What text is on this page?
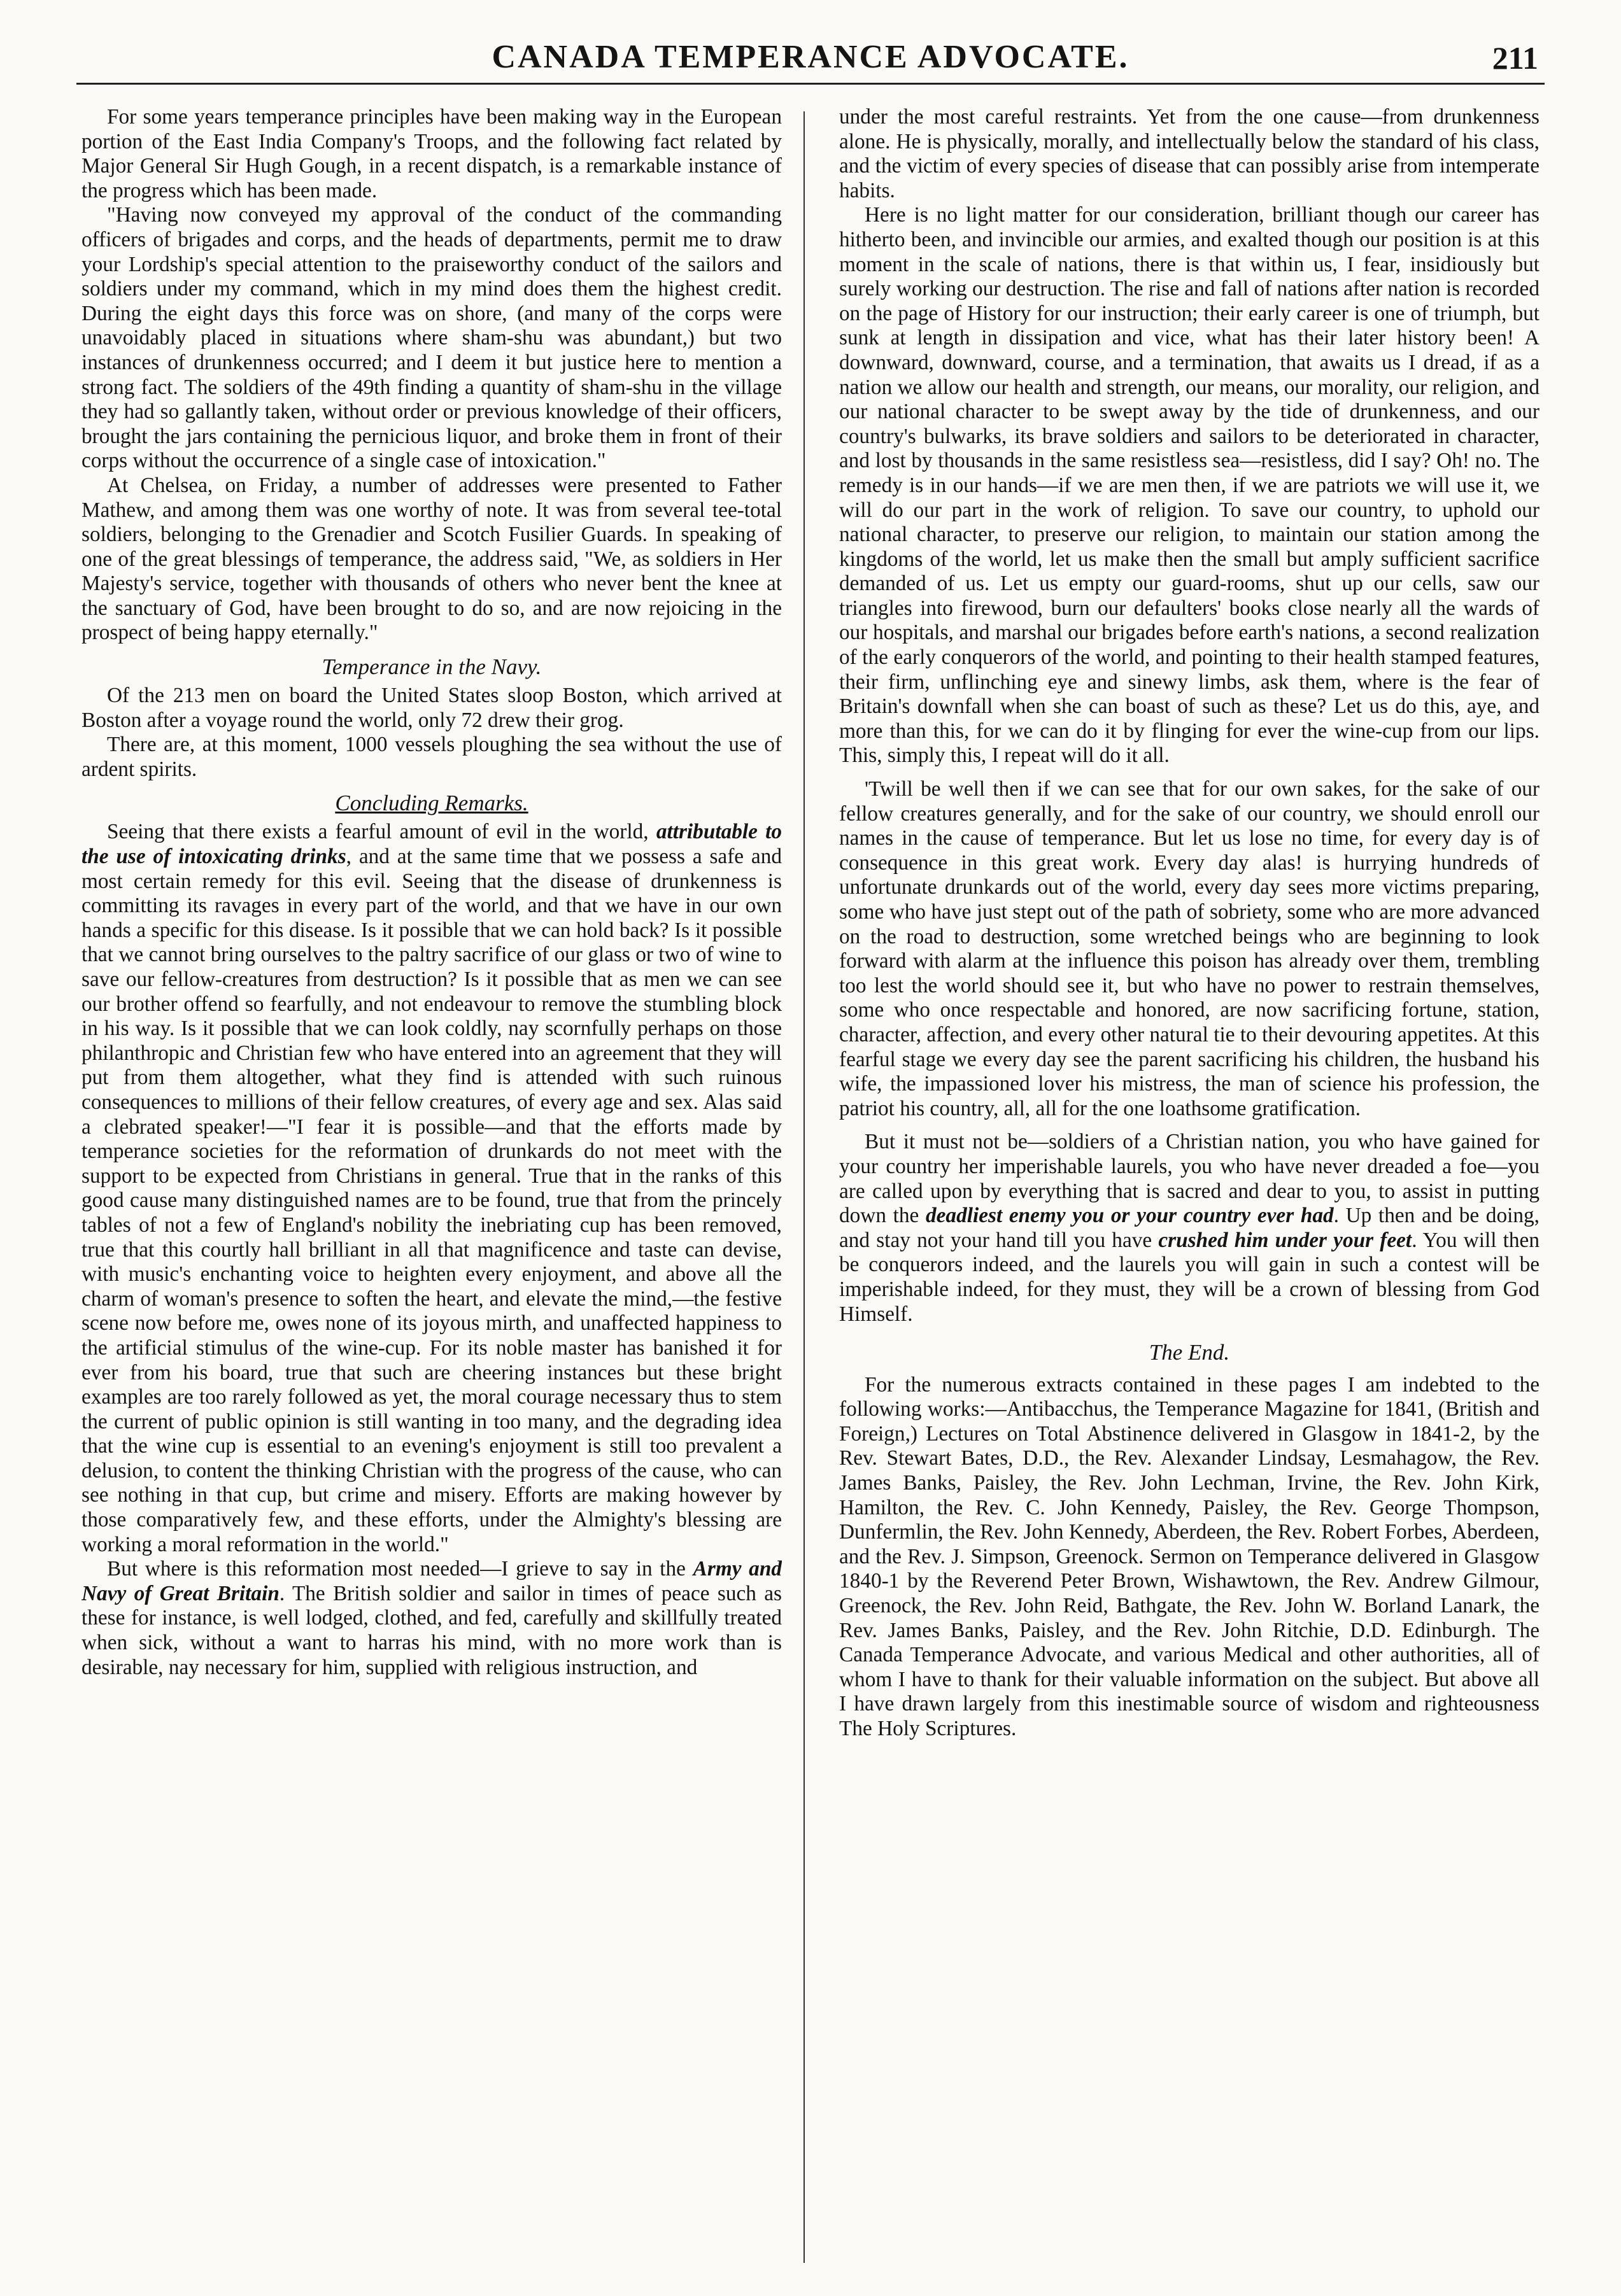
CANADA TEMPERANCE ADVOCATE.	211

For some years temperance principles have been making way in the European portion of the East India Company's Troops, and the following fact related by Major General Sir Hugh Gough, in a recent dispatch, is a remarkable instance of the progress which has been made.

"Having now conveyed my approval of the conduct of the commanding officers of brigades and corps, and the heads of departments, permit me to draw your Lordship's special attention to the praiseworthy conduct of the sailors and soldiers under my command, which in my mind does them the highest credit. During the eight days this force was on shore, (and many of the corps were unavoidably placed in situations where sham-shu was abundant,) but two instances of drunkenness occurred; and I deem it but justice here to mention a strong fact. The soldiers of the 49th finding a quantity of sham-shu in the village they had so gallantly taken, without order or previous knowledge of their officers, brought the jars containing the pernicious liquor, and broke them in front of their corps without the occurrence of a single case of intoxication."

At Chelsea, on Friday, a number of addresses were presented to Father Mathew, and among them was one worthy of note. It was from several tee-total soldiers, belonging to the Grenadier and Scotch Fusilier Guards. In speaking of one of the great blessings of temperance, the address said, "We, as soldiers in Her Majesty's service, together with thousands of others who never bent the knee at the sanctuary of God, have been brought to do so, and are now rejoicing in the prospect of being happy eternally."

Temperance in the Navy.

Of the 213 men on board the United States sloop Boston, which arrived at Boston after a voyage round the world, only 72 drew their grog.

There are, at this moment, 1000 vessels ploughing the sea without the use of ardent spirits.

Concluding Remarks.

Seeing that there exists a fearful amount of evil in the world, attributable to the use of intoxicating drinks, and at the same time that we possess a safe and most certain remedy for this evil. Seeing that the disease of drunkenness is committing its ravages in every part of the world, and that we have in our own hands a specific for this disease. Is it possible that we can hold back? Is it possible that we cannot bring ourselves to the paltry sacrifice of our glass or two of wine to save our fellow-creatures from destruction? Is it possible that as men we can see our brother offend so fearfully, and not endeavour to remove the stumbling block in his way. Is it possible that we can look coldly, nay scornfully perhaps on those philanthropic and Christian few who have entered into an agreement that they will put from them altogether, what they find is attended with such ruinous consequences to millions of their fellow creatures, of every age and sex. Alas said a clebrated speaker!—"I fear it is possible—and that the efforts made by temperance societies for the reformation of drunkards do not meet with the support to be expected from Christians in general. True that in the ranks of this good cause many distinguished names are to be found, true that from the princely tables of not a few of England's nobility the inebriating cup has been removed, true that this courtly hall brilliant in all that magnificence and taste can devise, with music's enchanting voice to heighten every enjoyment, and above all the charm of woman's presence to soften the heart, and elevate the mind,—the festive scene now before me, owes none of its joyous mirth, and unaffected happiness to the artificial stimulus of the wine-cup. For its noble master has banished it for ever from his board, true that such are cheering instances but these bright examples are too rarely followed as yet, the moral courage necessary thus to stem the current of public opinion is still wanting in too many, and the degrading idea that the wine cup is essential to an evening's enjoyment is still too prevalent a delusion, to content the thinking Christian with the progress of the cause, who can see nothing in that cup, but crime and misery. Efforts are making however by those comparatively few, and these efforts, under the Almighty's blessing are working a moral reformation in the world."

But where is this reformation most needed—I grieve to say in the Army and Navy of Great Britain. The British soldier and sailor in times of peace such as these for instance, is well lodged, clothed, and fed, carefully and skillfully treated when sick, without a want to harras his mind, with no more work than is desirable, nay necessary for him, supplied with religious instruction, and

under the most careful restraints. Yet from the one cause—from drunkenness alone. He is physically, morally, and intellectually below the standard of his class, and the victim of every species of disease that can possibly arise from intemperate habits.

Here is no light matter for our consideration, brilliant though our career has hitherto been, and invincible our armies, and exalted though our position is at this moment in the scale of nations, there is that within us, I fear, insidiously but surely working our destruction. The rise and fall of nations after nation is recorded on the page of History for our instruction; their early career is one of triumph, but sunk at length in dissipation and vice, what has their later history been! A downward, downward, course, and a termination, that awaits us I dread, if as a nation we allow our health and strength, our means, our morality, our religion, and our national character to be swept away by the tide of drunkenness, and our country's bulwarks, its brave soldiers and sailors to be deteriorated in character, and lost by thousands in the same resistless sea—resistless, did I say? Oh! no. The remedy is in our hands—if we are men then, if we are patriots we will use it, we will do our part in the work of religion. To save our country, to uphold our national character, to preserve our religion, to maintain our station among the kingdoms of the world, let us make then the small but amply sufficient sacrifice demanded of us. Let us empty our guard-rooms, shut up our cells, saw our triangles into firewood, burn our defaulters' books close nearly all the wards of our hospitals, and marshal our brigades before earth's nations, a second realization of the early conquerors of the world, and pointing to their health stamped features, their firm, unflinching eye and sinewy limbs, ask them, where is the fear of Britain's downfall when she can boast of such as these? Let us do this, aye, and more than this, for we can do it by flinging for ever the wine-cup from our lips. This, simply this, I repeat will do it all.

'Twill be well then if we can see that for our own sakes, for the sake of our fellow creatures generally, and for the sake of our country, we should enroll our names in the cause of temperance. But let us lose no time, for every day is of consequence in this great work. Every day alas! is hurrying hundreds of unfortunate drunkards out of the world, every day sees more victims preparing, some who have just stept out of the path of sobriety, some who are more advanced on the road to destruction, some wretched beings who are beginning to look forward with alarm at the influence this poison has already over them, trembling too lest the world should see it, but who have no power to restrain themselves, some who once respectable and honored, are now sacrificing fortune, station, character, affection, and every other natural tie to their devouring appetites. At this fearful stage we every day see the parent sacrificing his children, the husband his wife, the impassioned lover his mistress, the man of science his profession, the patriot his country, all, all for the one loathsome gratification.

But it must not be—soldiers of a Christian nation, you who have gained for your country her imperishable laurels, you who have never dreaded a foe—you are called upon by everything that is sacred and dear to you, to assist in putting down the deadliest enemy you or your country ever had. Up then and be doing, and stay not your hand till you have crushed him under your feet. You will then be conquerors indeed, and the laurels you will gain in such a contest will be imperishable indeed, for they must, they will be a crown of blessing from God Himself.

The End.

For the numerous extracts contained in these pages I am indebted to the following works:—Antibacchus, the Temperance Magazine for 1841, (British and Foreign,) Lectures on Total Abstinence delivered in Glasgow in 1841-2, by the Rev. Stewart Bates, D.D., the Rev. Alexander Lindsay, Lesmahagow, the Rev. James Banks, Paisley, the Rev. John Lechman, Irvine, the Rev. John Kirk, Hamilton, the Rev. C. John Kennedy, Paisley, the Rev. George Thompson, Dunfermlin, the Rev. John Kennedy, Aberdeen, the Rev. Robert Forbes, Aberdeen, and the Rev. J. Simpson, Greenock. Sermon on Temperance delivered in Glasgow 1840-1 by the Reverend Peter Brown, Wishawtown, the Rev. Andrew Gilmour, Greenock, the Rev. John Reid, Bathgate, the Rev. John W. Borland Lanark, the Rev. James Banks, Paisley, and the Rev. John Ritchie, D.D. Edinburgh. The Canada Temperance Advocate, and various Medical and other authorities, all of whom I have to thank for their valuable information on the subject. But above all I have drawn largely from this inestimable source of wisdom and righteousness The Holy Scriptures.
